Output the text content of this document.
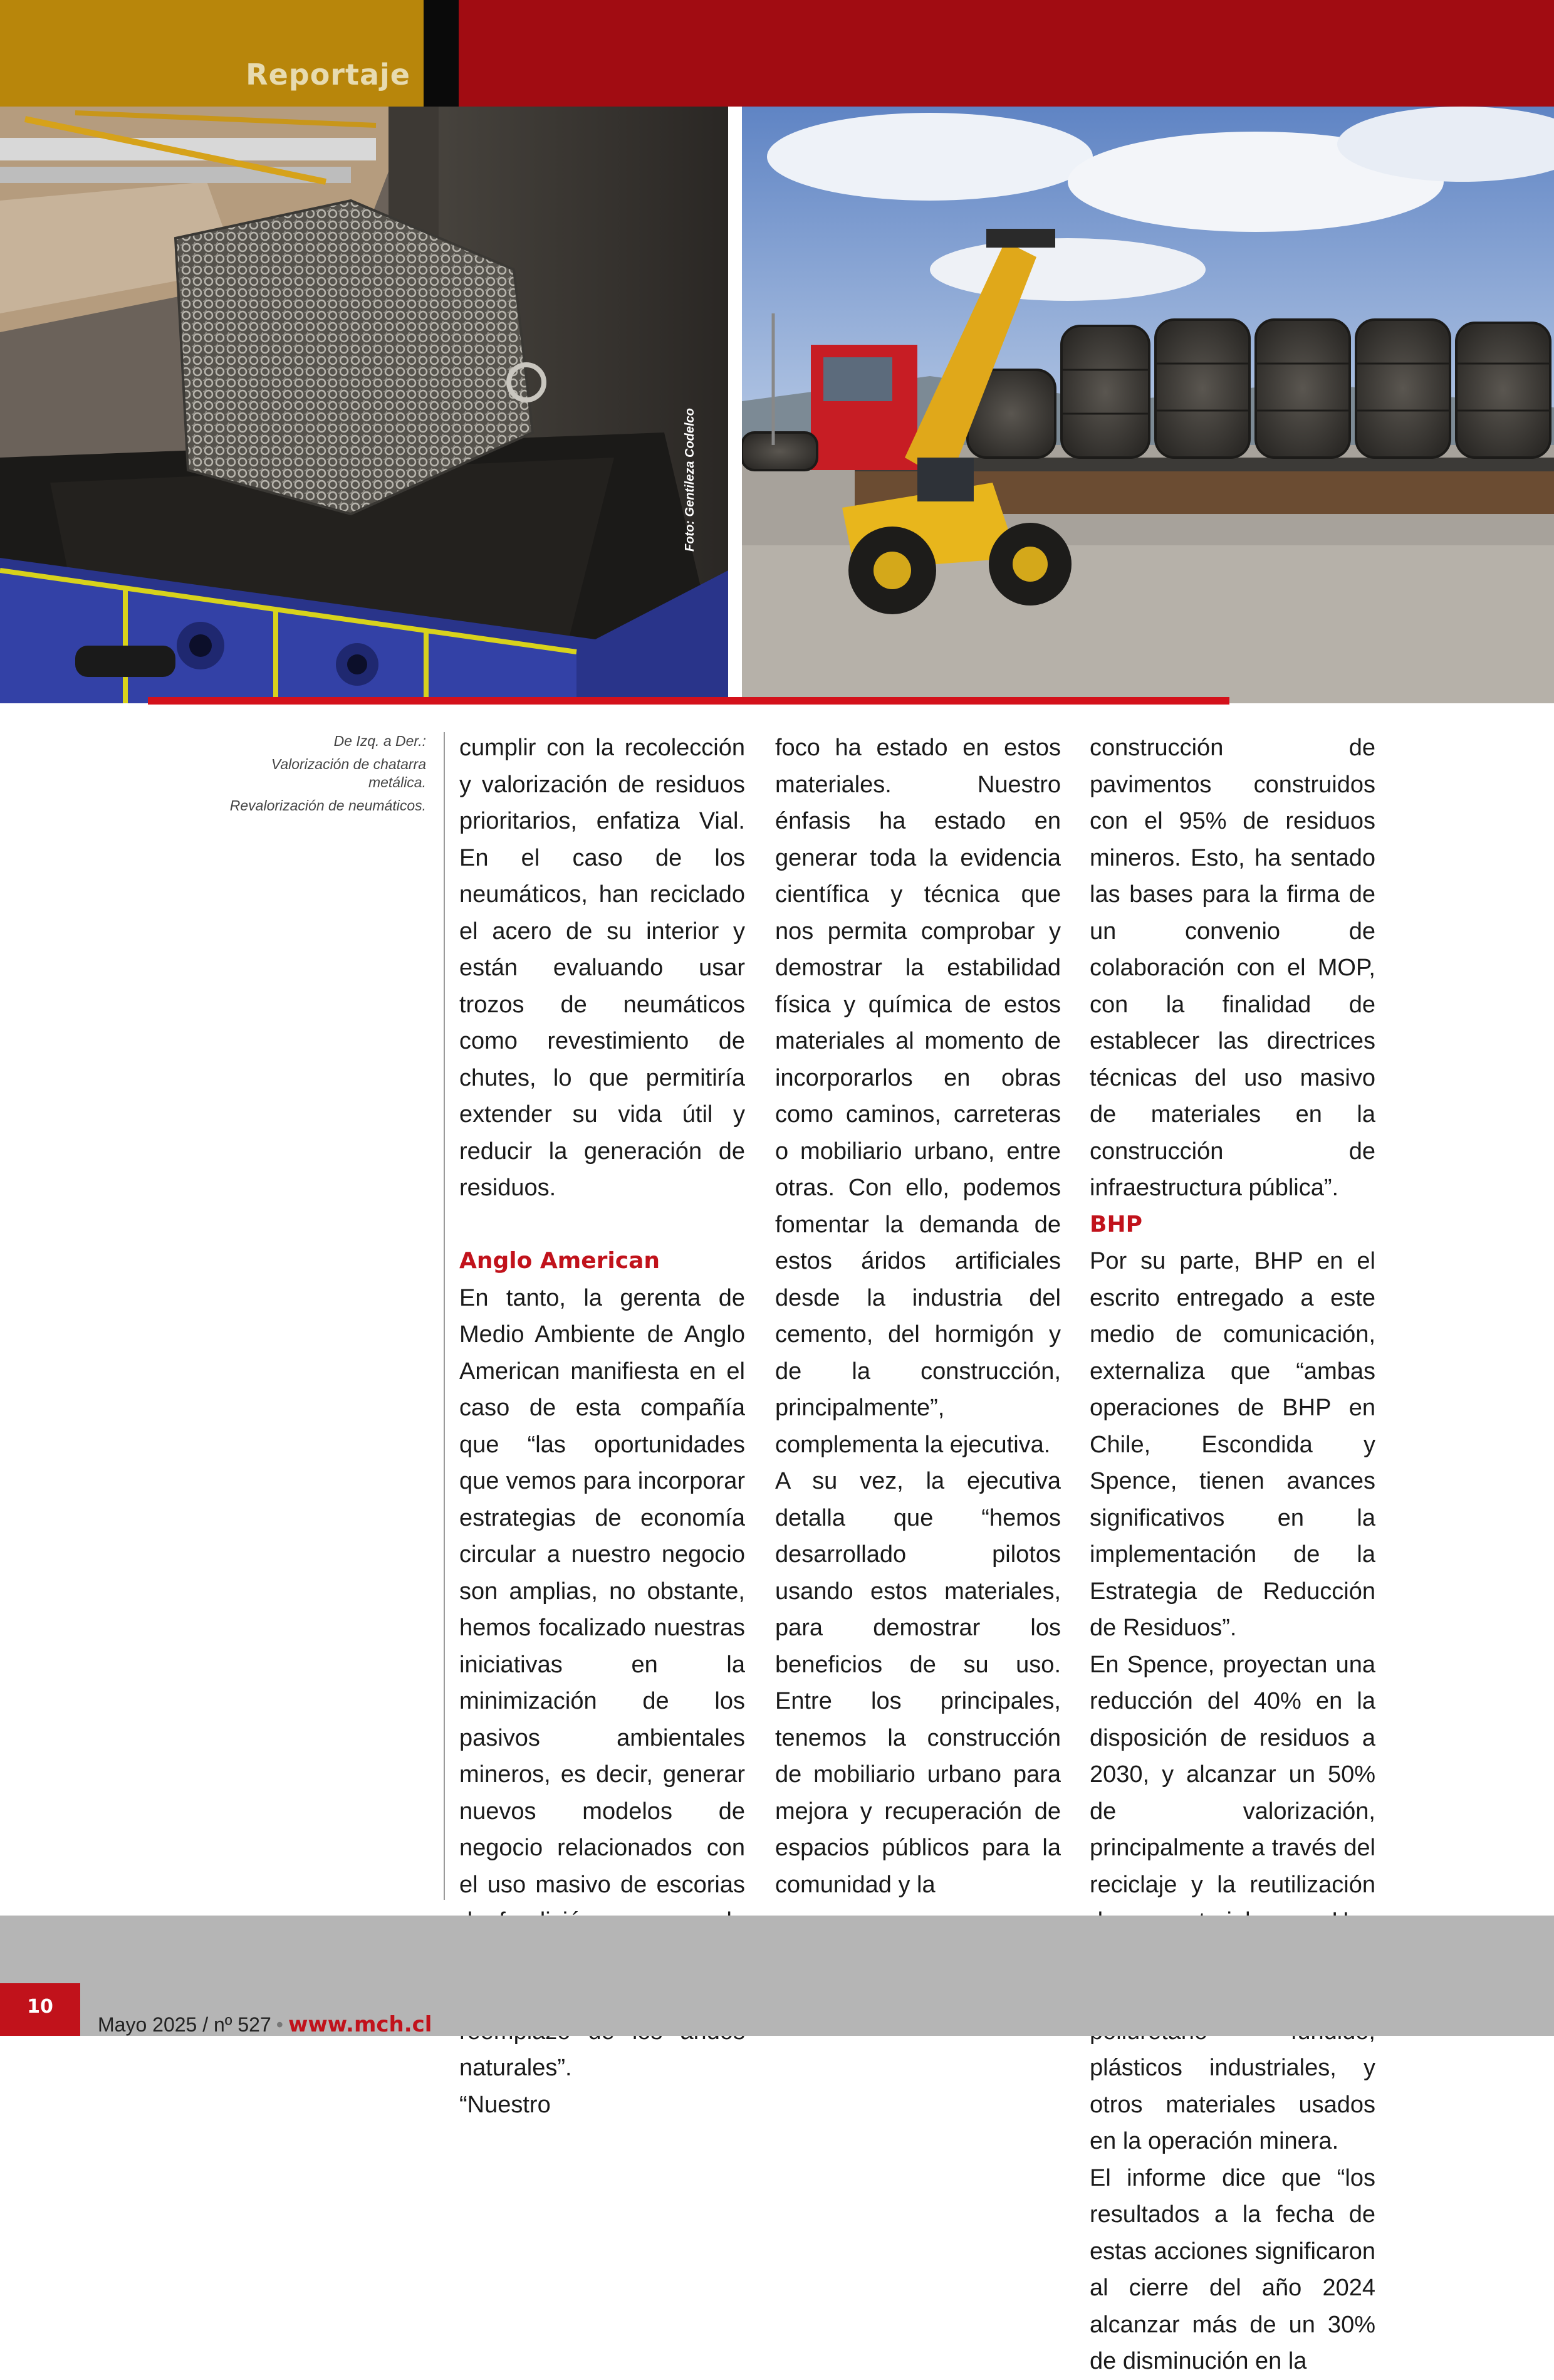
Reportaje
Foto: Gentileza Codelco

De Izq. a Der.:

Valorización de chatarra metálica.

Revalorización de neumáticos.

cumplir con la recolección y valorización de residuos prioritarios, enfatiza Vial. En el caso de los neumáticos, han reciclado el acero de su interior y están evaluando usar trozos de neumáticos como revestimiento de chutes, lo que permitiría extender su vida útil y reducir la generación de residuos.

Anglo American

En tanto, la gerenta de Medio Ambiente de Anglo American manifiesta en el caso de esta compañía que “las oportunidades que vemos para incorporar estrategias de economía circular a nuestro negocio son amplias, no obstante, hemos focalizado nuestras iniciativas en la minimización de los pasivos ambientales mineros, es decir, generar nuevos modelos de negocio relacionados con el uso masivo de escorias naturales”.

“Nuestro

foco ha estado en estos materiales. Nuestro énfasis ha estado en generar toda la evidencia científica y técnica que nos permita comprobar y demostrar la estabilidad física y química de estos materiales al momento de incorporarlos en obras como caminos, carreteras o mobiliario urbano, entre otras. Con ello, podemos fomentar la demanda de estos áridos artificiales desde la industria del cemento, del hormigón y de la construcción, principalmente”, complementa la ejecutiva.

A su vez, la ejecutiva detalla que “hemos desarrollado pilotos usando estos materiales, para demostrar los beneficios de su uso. Entre los principales, tenemos la construcción de mobiliario urbano para mejora y recuperación de espacios públicos para la comunidad y la

construcción de pavimentos construidos con el 95% de residuos mineros. Esto, ha sentado las bases para la firma de un convenio de colaboración con el MOP, con la finalidad de establecer las directrices técnicas del uso masivo de materiales en la construcción de infraestructura pública”.

BHP

Por su parte, BHP en el escrito entregado a este medio de comunicación, externaliza que “ambas operaciones de BHP en Chile, Escondida y Spence, tienen avances significativos en la implementación de la Estrategia de Reducción de Residuos”.

En Spence, proyectan una reducción del 40% en la disposición de residuos a 2030, y alcanzar un 50% de valorización, principalmente a través del reciclaje y la reutilización plásticos industriales, y otros materiales usados en la operación minera.

El informe dice que “los resultados a la fecha de estas acciones significaron al cierre del año 2024 alcanzar más de un 30% de disminución en la

10
Mayo 2025 / nº 527 • www.mch.cl
